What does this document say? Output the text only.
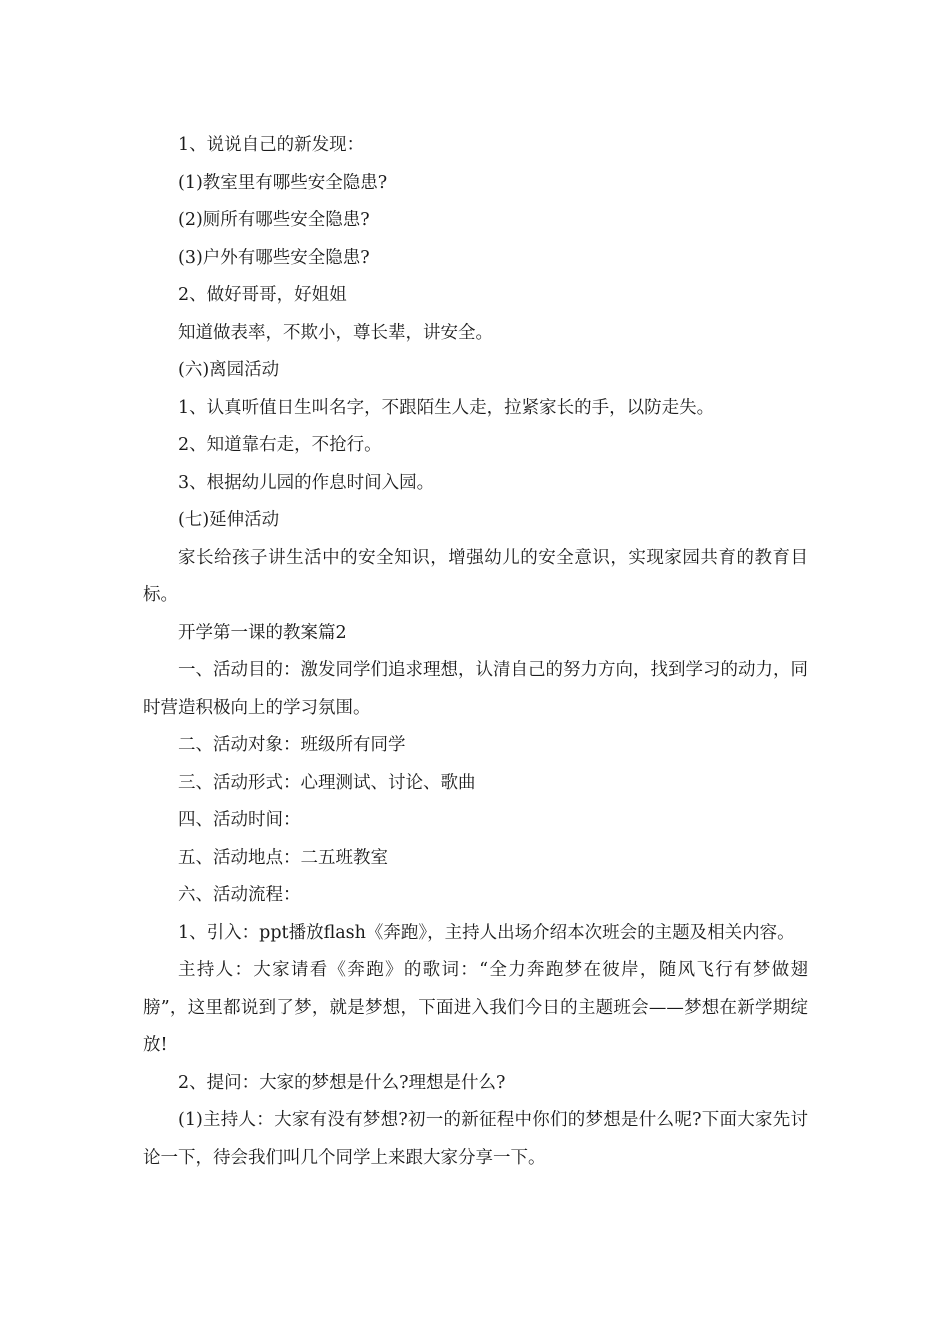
1、说说自己的新发现：

(1)教室里有哪些安全隐患?

(2)厕所有哪些安全隐患?

(3)户外有哪些安全隐患?

2、做好哥哥，好姐姐

知道做表率，不欺小，尊长辈，讲安全。

(六)离园活动

1、认真听值日生叫名字，不跟陌生人走，拉紧家长的手，以防走失。

2、知道靠右走，不抢行。

3、根据幼儿园的作息时间入园。

(七)延伸活动

家长给孩子讲生活中的安全知识，增强幼儿的安全意识，实现家园共育的教育目标。

开学第一课的教案篇2

一、活动目的：激发同学们追求理想，认清自己的努力方向，找到学习的动力，同时营造积极向上的学习氛围。

二、活动对象：班级所有同学

三、活动形式：心理测试、讨论、歌曲

四、活动时间：

五、活动地点：二五班教室

六、活动流程：

1、引入：ppt播放flash《奔跑》，主持人出场介绍本次班会的主题及相关内容。

主持人：大家请看《奔跑》的歌词：“全力奔跑梦在彼岸，随风飞行有梦做翅膀”，这里都说到了梦，就是梦想，下面进入我们今日的主题班会——梦想在新学期绽放!

2、提问：大家的梦想是什么?理想是什么?

(1)主持人：大家有没有梦想?初一的新征程中你们的梦想是什么呢?下面大家先讨论一下，待会我们叫几个同学上来跟大家分享一下。
